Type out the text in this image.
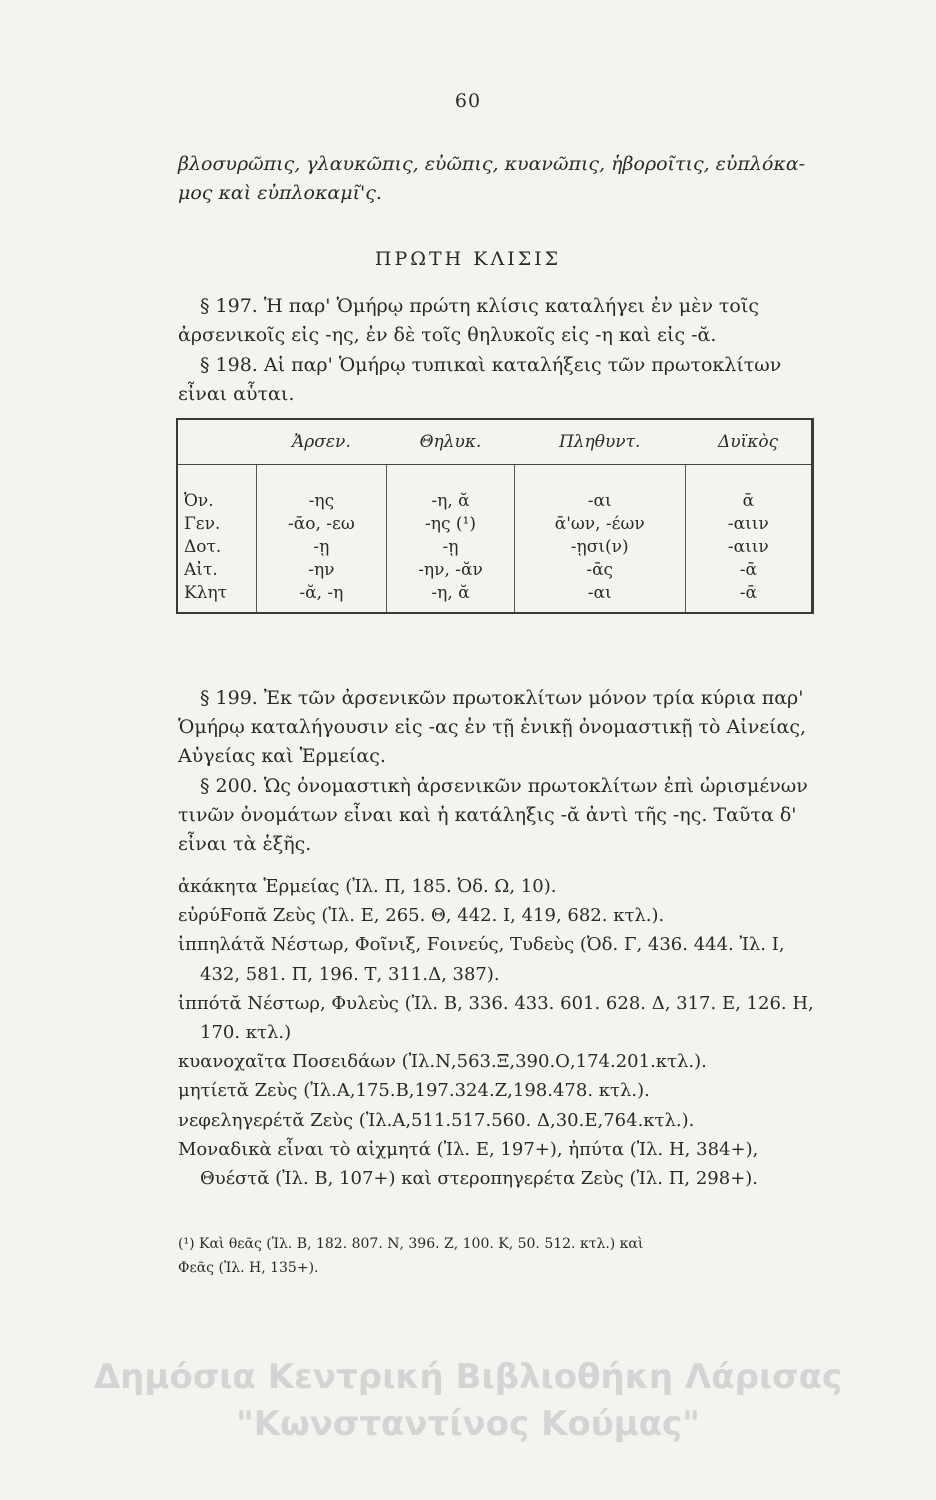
60

βλοσυρῶπις, γλαυκῶπις, εὐῶπις, κυανῶπις, ἡβοροῖτις, εὐπλόκα-
μος καὶ εὐπλοκαμῖ'ς.

ΠΡΩΤΗ ΚΛΙΣΙΣ

§ 197. Ἡ παρ' Ὁμήρῳ πρώτη κλίσις καταλήγει ἐν μὲν τοῖς
ἀρσενικοῖς εἰς -ης, ἐν δὲ τοῖς θηλυκοῖς εἰς -η καὶ εἰς -ᾰ.

§ 198. Αἱ παρ' Ὁμήρῳ τυπικαὶ καταλήξεις τῶν πρωτοκλίτων
εἶναι αὗται.

	Ἀρσεν.	Θηλυκ.	Πληθυντ.	Δυϊκὸς
Ὀν.	-ης	-η, ᾰ	-αι	ᾱ
Γεν.	-ᾱο, -εω	-ης (¹)	ᾱ'ων, -έων	-αιιν
Δοτ.	-ῃ	-ῃ	-ῃσι(ν)	-αιιν
Αἰτ.	-ην	-ην, -ᾰν	-ᾱς	-ᾱ
Κλητ	-ᾰ, -η	-η, ᾰ	-αι	-ᾱ

§ 199. Ἐκ τῶν ἀρσενικῶν πρωτοκλίτων μόνον τρία κύρια παρ'
Ὁμήρῳ καταλήγουσιν εἰς -ας ἐν τῇ ἑνικῇ ὀνομαστικῇ τὸ Αἰνείας,
Αὐγείας καὶ Ἑρμείας.

§ 200. Ὡς ὀνομαστικὴ ἀρσενικῶν πρωτοκλίτων ἐπὶ ὡρισμένων
τινῶν ὀνομάτων εἶναι καὶ ἡ κατάληξις -ᾰ ἀντὶ τῆς -ης. Ταῦτα δ'
εἶναι τὰ ἑξῆς.

ἀκάκητα Ἑρμείας (Ἰλ. Π, 185. Ὀδ. Ω, 10).

εὐρύFοπᾰ Ζεὺς (Ἰλ. Ε, 265. Θ, 442. Ι, 419, 682. κτλ.).

ἱππηλάτᾰ Νέστωρ, Φοῖνιξ, Fοινεύς, Τυδεὺς (Ὀδ. Γ, 436. 444. Ἰλ. Ι, 432, 581. Π, 196. Τ, 311.Δ, 387).

ἱππότᾰ Νέστωρ, Φυλεὺς (Ἰλ. Β, 336. 433. 601. 628. Δ, 317. Ε, 126. Η, 170. κτλ.)

κυανοχαῖτα Ποσειδάων (Ἰλ.Ν,563.Ξ,390.Ο,174.201.κτλ.).

μητίετᾰ Ζεὺς (Ἰλ.Α,175.Β,197.324.Ζ,198.478. κτλ.).

νεφεληγερέτᾰ Ζεὺς (Ἰλ.Α,511.517.560. Δ,30.Ε,764.κτλ.).

Μοναδικὰ εἶναι τὸ αἰχμητά (Ἰλ. Ε, 197+), ἠπύτα (Ἰλ. Η, 384+), Θυέστᾰ (Ἰλ. Β, 107+) καὶ στεροπηγερέτα Ζεὺς (Ἰλ. Π, 298+).

(¹) Καὶ θεᾶς (Ἰλ. Β, 182. 807. Ν, 396. Ζ, 100. Κ, 50. 512. κτλ.) καὶ
Φεᾶς (Ἰλ. Η, 135+).

Δημόσια Κεντρική Βιβλιοθήκη Λάρισας
"Κωνσταντίνος Κούμας"
